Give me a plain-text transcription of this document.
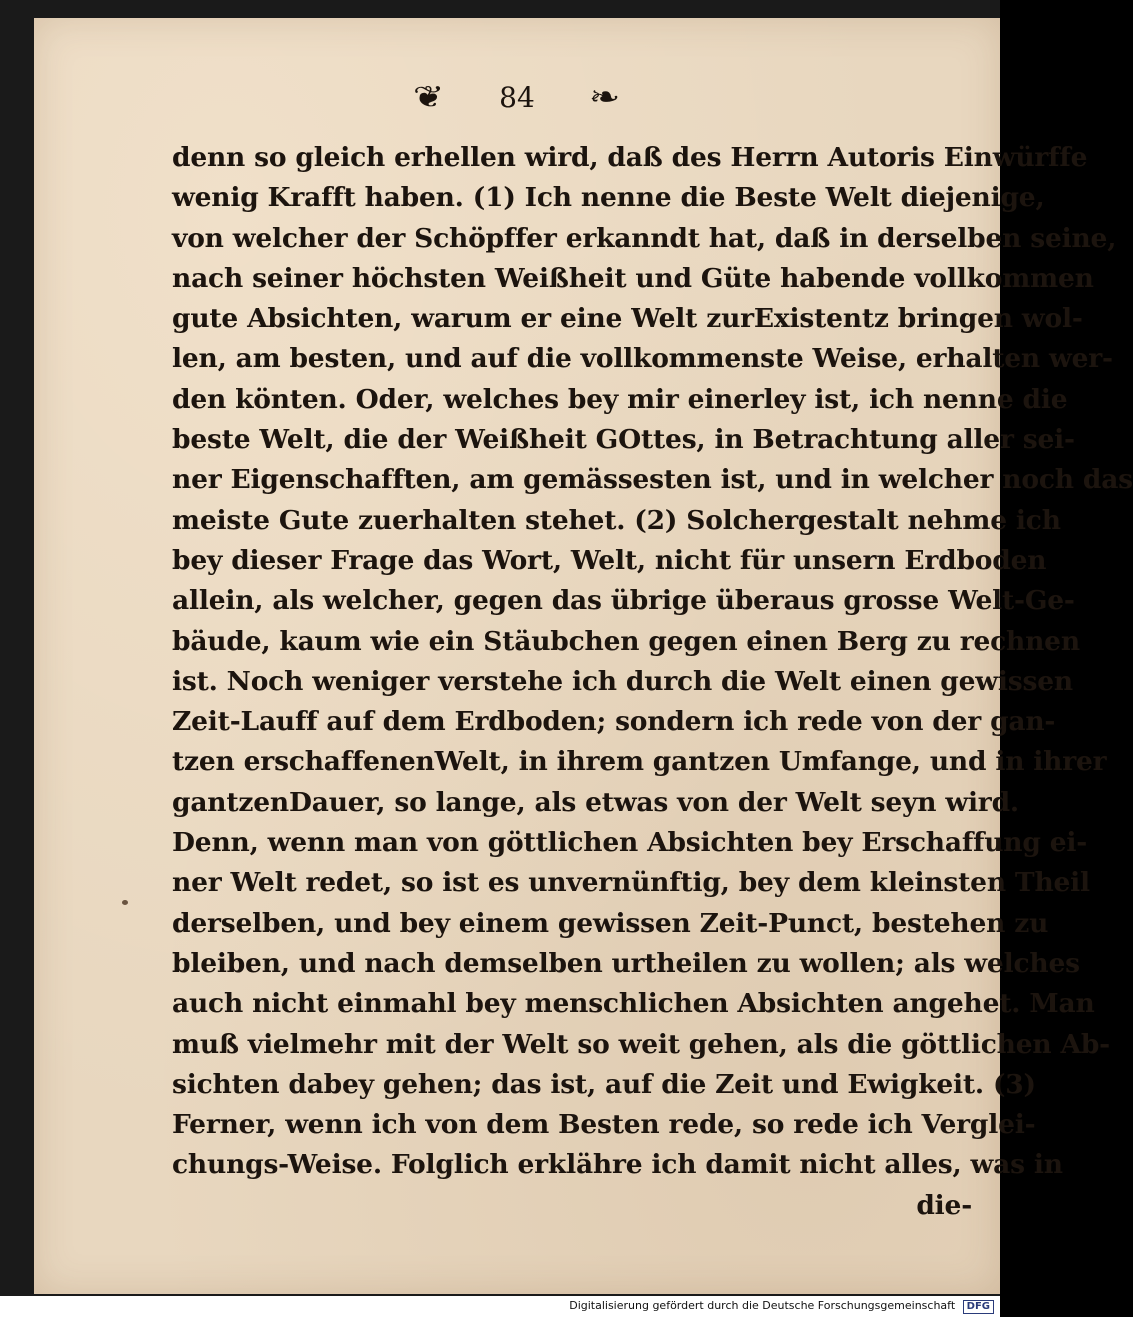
❦ 84 ❧
denn so gleich erhellen wird, daß des Herrn Autoris Einwürffe
wenig Krafft haben. (1) Ich nenne die Beste Welt diejenige,
von welcher der Schöpffer erkanndt hat, daß in derselben seine,
nach seiner höchsten Weißheit und Güte habende vollkommen
gute Absichten, warum er eine Welt zurExistentz bringen wol-
len, am besten, und auf die vollkommenste Weise, erhalten wer-
den könten. Oder, welches bey mir einerley ist, ich nenne die
beste Welt, die der Weißheit GOttes, in Betrachtung aller sei-
ner Eigenschafften, am gemässesten ist, und in welcher noch das
meiste Gute zuerhalten stehet. (2) Solchergestalt nehme ich
bey dieser Frage das Wort, Welt, nicht für unsern Erdboden
allein, als welcher, gegen das übrige überaus grosse Welt-Ge-
bäude, kaum wie ein Stäubchen gegen einen Berg zu rechnen
ist. Noch weniger verstehe ich durch die Welt einen gewissen
Zeit-Lauff auf dem Erdboden; sondern ich rede von der gan-
tzen erschaffenenWelt, in ihrem gantzen Umfange, und in ihrer
gantzenDauer, so lange, als etwas von der Welt seyn wird.
Denn, wenn man von göttlichen Absichten bey Erschaffung ei-
ner Welt redet, so ist es unvernünftig, bey dem kleinsten Theil
derselben, und bey einem gewissen Zeit-Punct, bestehen zu
bleiben, und nach demselben urtheilen zu wollen; als welches
auch nicht einmahl bey menschlichen Absichten angehet. Man
muß vielmehr mit der Welt so weit gehen, als die göttlichen Ab-
sichten dabey gehen; das ist, auf die Zeit und Ewigkeit. (3)
Ferner, wenn ich von dem Besten rede, so rede ich Verglei-
chungs-Weise. Folglich erklähre ich damit nicht alles, was in
die-
Digitalisierung gefördert durch die Deutsche Forschungsgemeinschaft DFG
